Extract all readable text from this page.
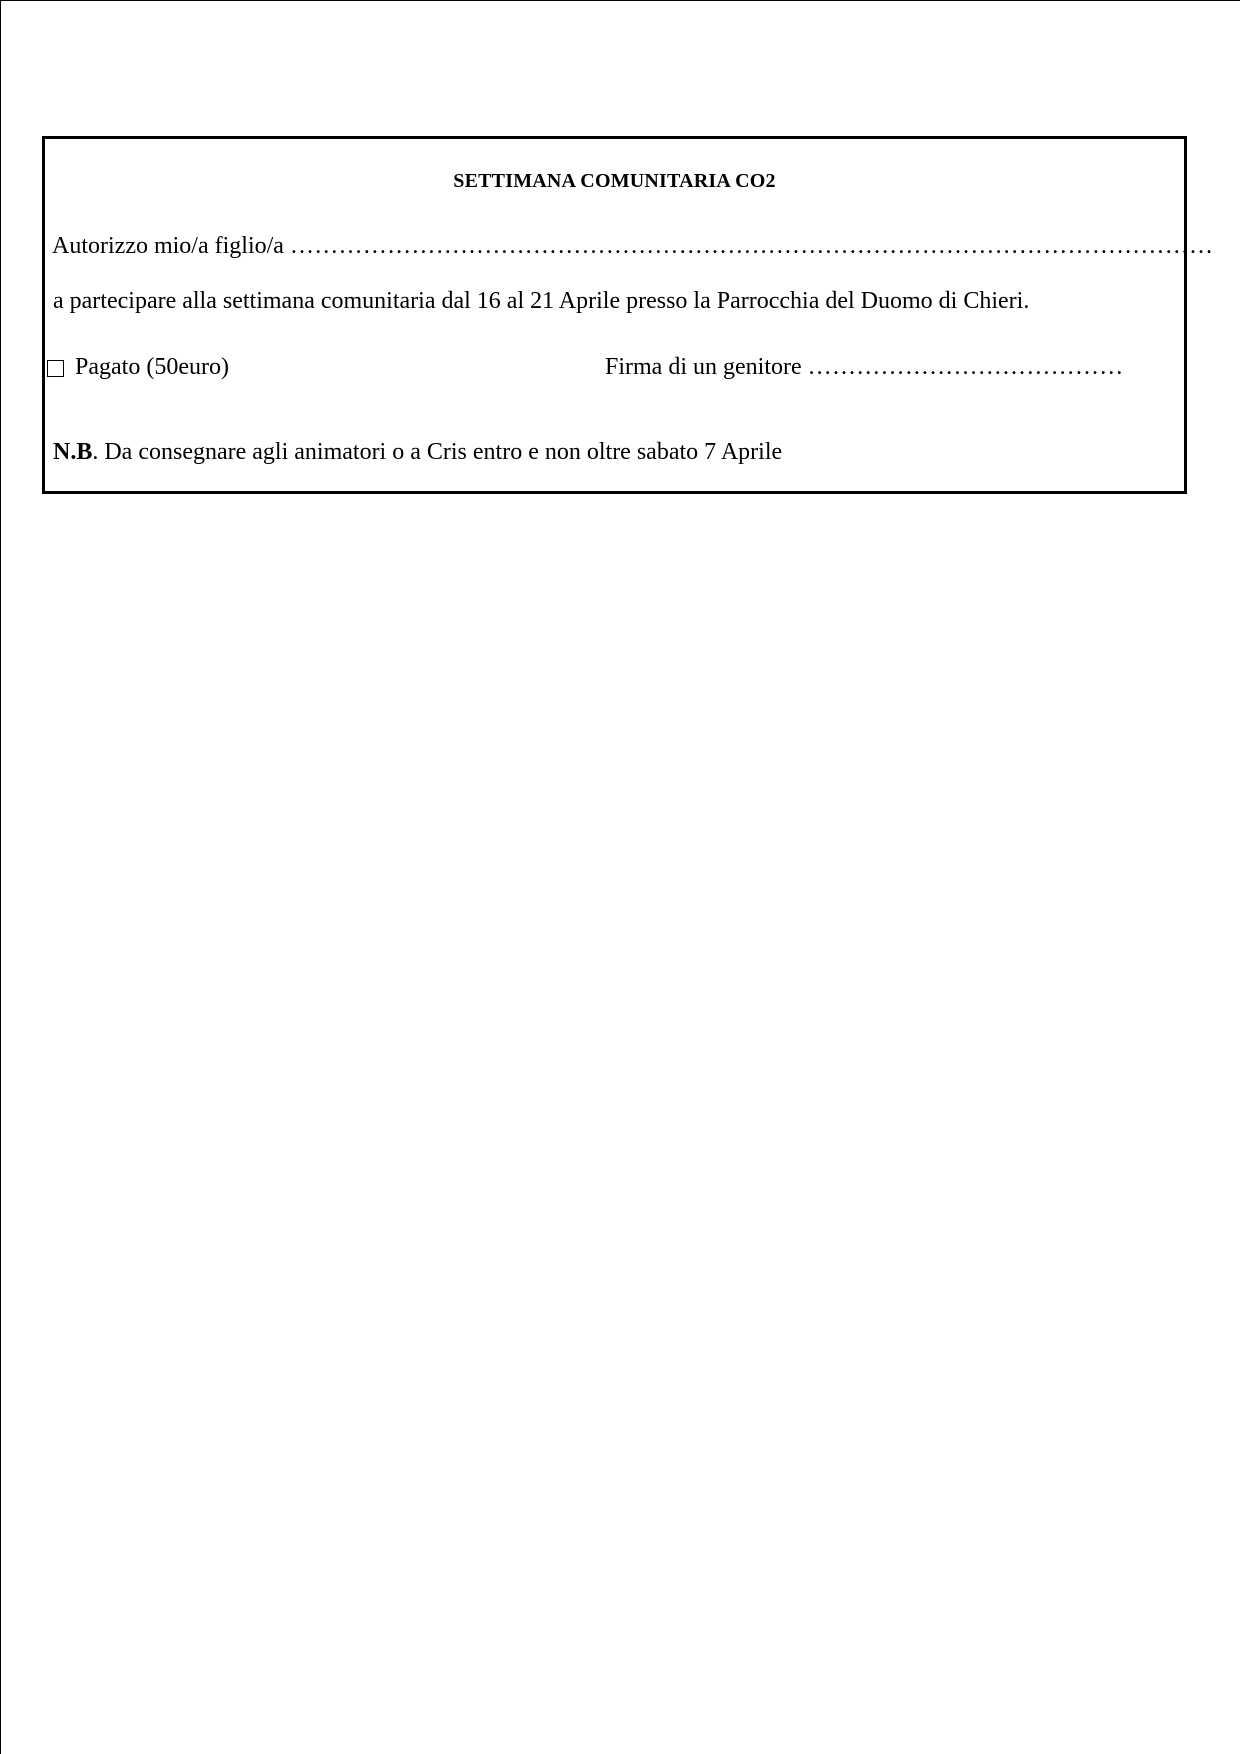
SETTIMANA COMUNITARIA CO2
Autorizzo mio/a figlio/a ……………………………………………………………………………………………………
a partecipare alla settimana comunitaria dal 16 al 21 Aprile presso la Parrocchia del Duomo di Chieri.
Pagato (50euro)	Firma di un genitore …………………………………
N.B. Da consegnare agli animatori o a Cris entro e non oltre sabato 7 Aprile
